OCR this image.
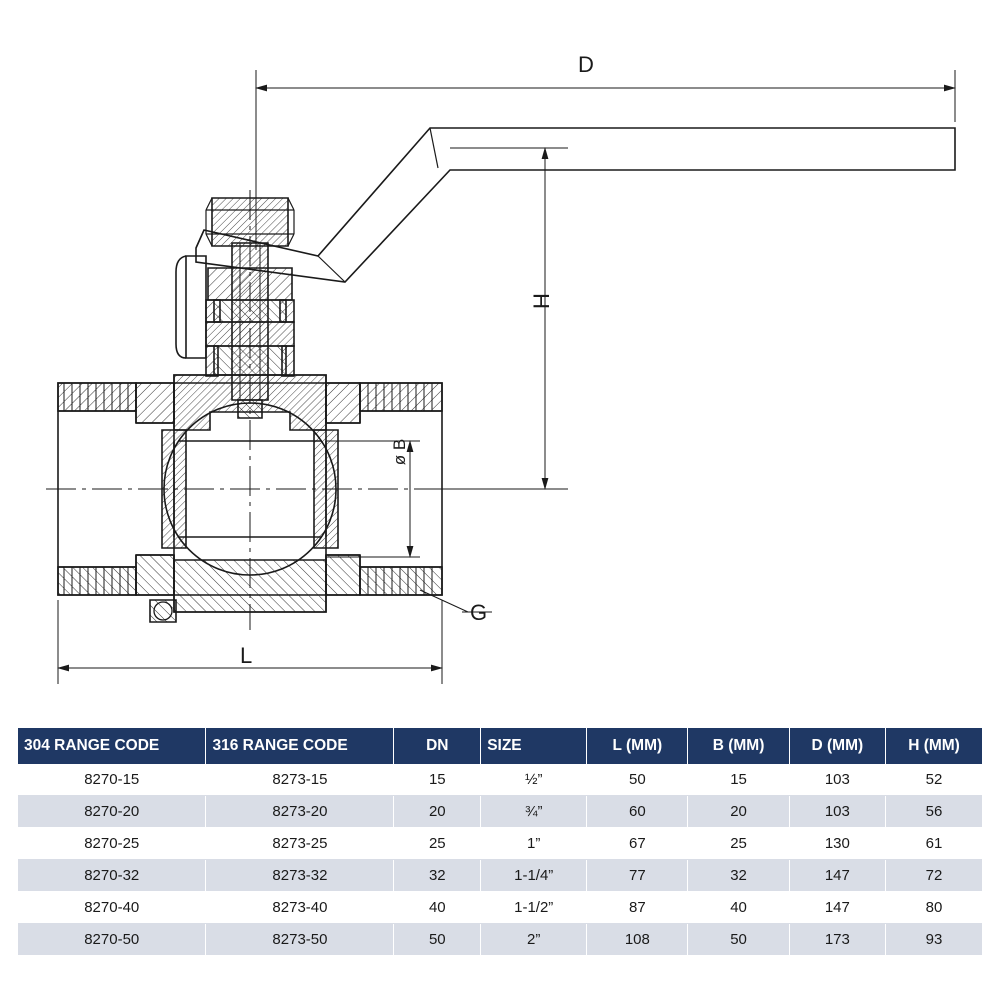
D
H
ø B
L
G
304 RANGE CODE	316 RANGE CODE	DN	SIZE	L (MM)	B (MM)	D (MM)	H (MM)
8270-15	8273-15	15	½”	50	15	103	52
8270-20	8273-20	20	¾”	60	20	103	56
8270-25	8273-25	25	1”	67	25	130	61
8270-32	8273-32	32	1-1/4”	77	32	147	72
8270-40	8273-40	40	1-1/2”	87	40	147	80
8270-50	8273-50	50	2”	108	50	173	93
